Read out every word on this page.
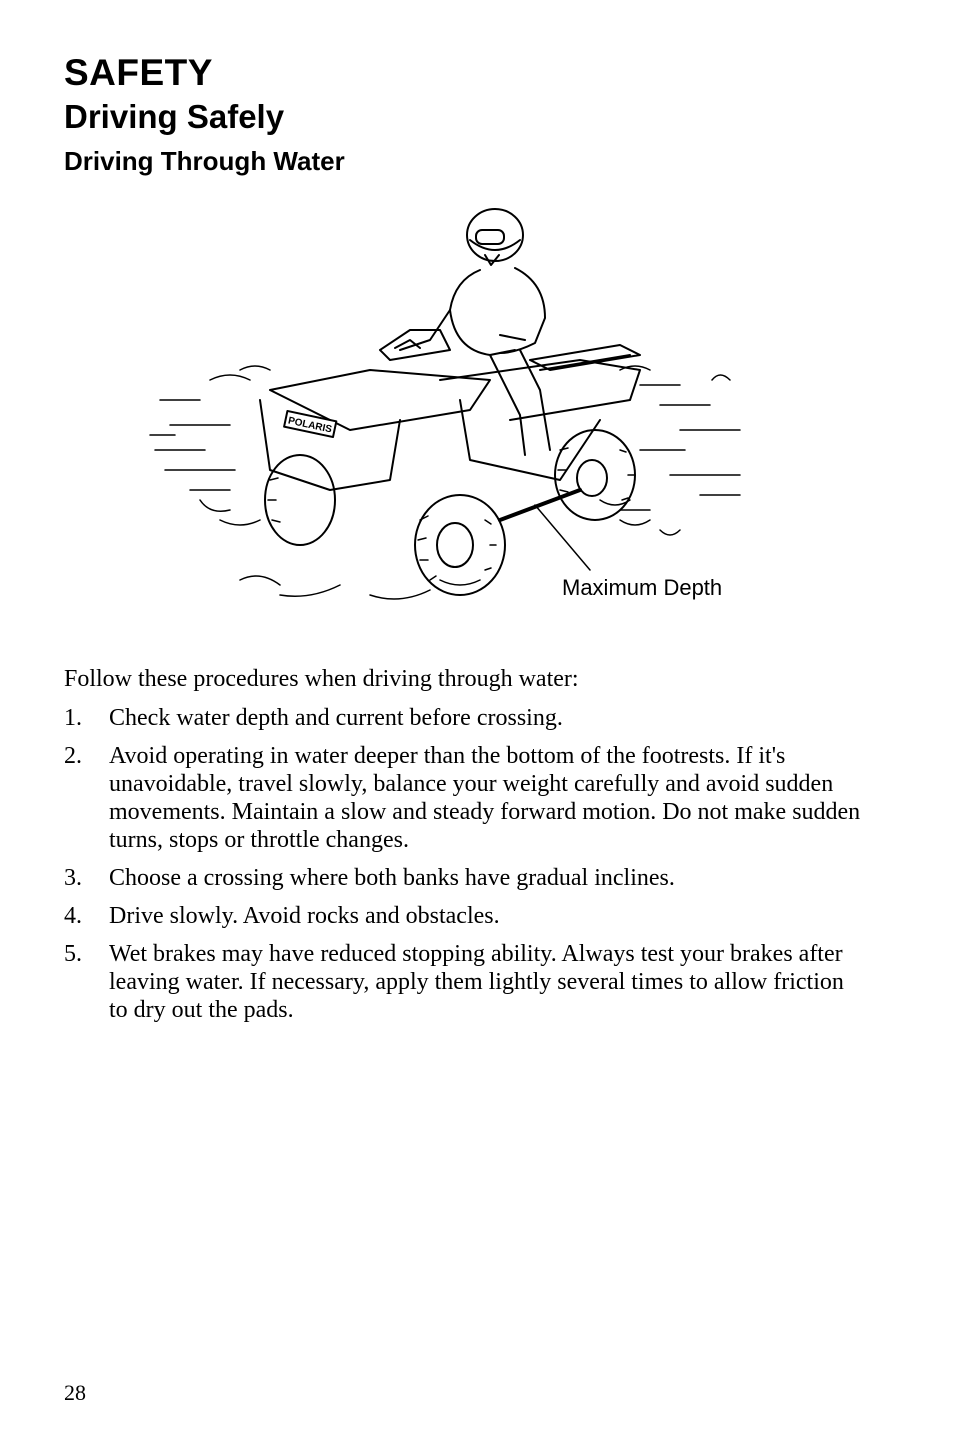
SAFETY
Driving Safely
Driving Through Water
POLARIS
Maximum Depth

Follow these procedures when driving through water:

1. Check water depth and current before crossing.
2. Avoid operating in water deeper than the bottom of the footrests. If it's unavoidable, travel slowly, balance your weight carefully and avoid sudden movements. Maintain a slow and steady forward motion. Do not make sudden turns, stops or throttle changes.
3. Choose a crossing where both banks have gradual inclines.
4. Drive slowly. Avoid rocks and obstacles.
5. Wet brakes may have reduced stopping ability. Always test your brakes after leaving water. If necessary, apply them lightly several times to allow friction to dry out the pads.
28
